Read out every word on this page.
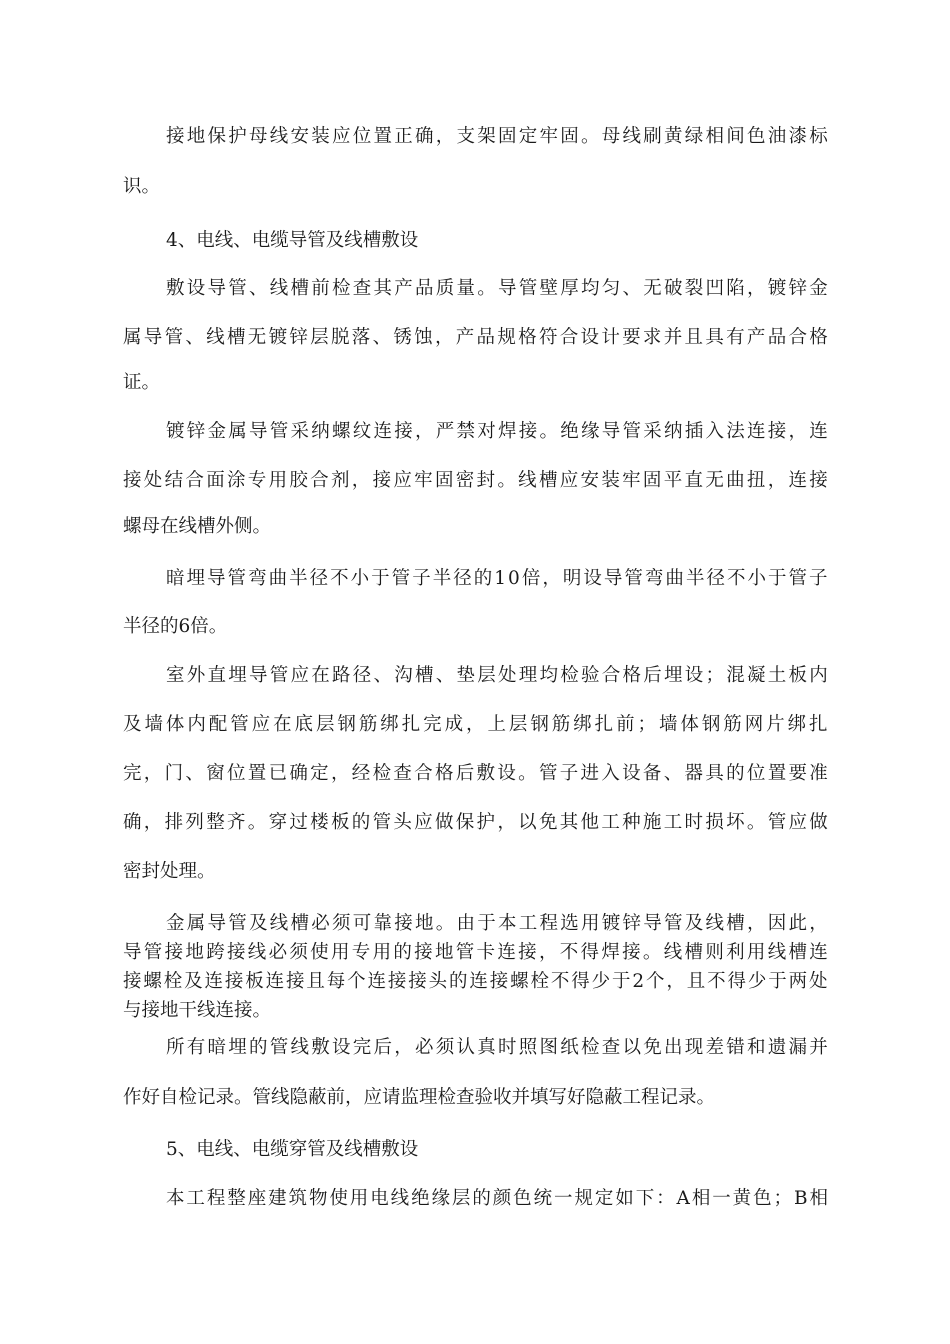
接 地 保 护 母 线 安 装 应 位 置 正 确 ， 支 架 固 定 牢 固 。 母 线 刷 黄 绿 相 间 色 油 漆 标
识。
4、电线、电缆导管及线槽敷设
敷 设 导 管 、 线 槽 前 检 查 其 产 品 质 量 。 导 管 壁 厚 均 匀 、 无 破 裂 凹 陷 ， 镀 锌 金
属 导 管 、 线 槽 无 镀 锌 层 脱 落 、 锈 蚀 ， 产 品 规 格 符 合 设 计 要 求 并 且 具 有 产 品 合 格
证。
镀 锌 金 属 导 管 采 纳 螺 纹 连 接 ， 严 禁 对 焊 接 。 绝 缘 导 管 采 纳 插 入 法 连 接 ， 连
接 处 结 合 面 涂 专 用 胶 合 剂 ， 接 应 牢 固 密 封 。 线 槽 应 安 装 牢 固 平 直 无 曲 扭 ， 连 接
螺母在线槽外侧。
暗 埋 导 管 弯 曲 半 径 不 小 于 管 子 半 径 的 1 0 倍 ， 明 设 导 管 弯 曲 半 径 不 小 于 管 子
半径的6倍。
室 外 直 埋 导 管 应 在 路 径 、 沟 槽 、 垫 层 处 理 均 检 验 合 格 后 埋 设 ； 混 凝 土 板 内
及 墙 体 内 配 管 应 在 底 层 钢 筋 绑 扎 完 成 ， 上 层 钢 筋 绑 扎 前 ； 墙 体 钢 筋 网 片 绑 扎
完 ， 门 、 窗 位 置 已 确 定 ， 经 检 查 合 格 后 敷 设 。 管 子 进 入 设 备 、 器 具 的 位 置 要 准
确 ， 排 列 整 齐 。 穿 过 楼 板 的 管 头 应 做 保 护 ， 以 免 其 他 工 种 施 工 时 损 坏 。 管 应 做
密封处理。
金 属 导 管 及 线 槽 必 须 可 靠 接 地 。 由 于 本 工 程 选 用 镀 锌 导 管 及 线 槽 ， 因 此 ，
导 管 接 地 跨 接 线 必 须 使 用 专 用 的 接 地 管 卡 连 接 ， 不 得 焊 接 。 线 槽 则 利 用 线 槽 连
接 螺 栓 及 连 接 板 连 接 且 每 个 连 接 接 头 的 连 接 螺 栓 不 得 少 于 2 个 ， 且 不 得 少 于 两 处
与接地干线连接。
所 有 暗 埋 的 管 线 敷 设 完 后 ， 必 须 认 真 时 照 图 纸 检 查 以 免 出 现 差 错 和 遗 漏 并
作好自检记录。管线隐蔽前，应请监理检查验收并填写好隐蔽工程记录。
5、电线、电缆穿管及线槽敷设
本 工 程 整 座 建 筑 物 使 用 电 线 绝 缘 层 的 颜 色 统 一 规 定 如 下 ： A 相 一 黄 色 ； B 相
